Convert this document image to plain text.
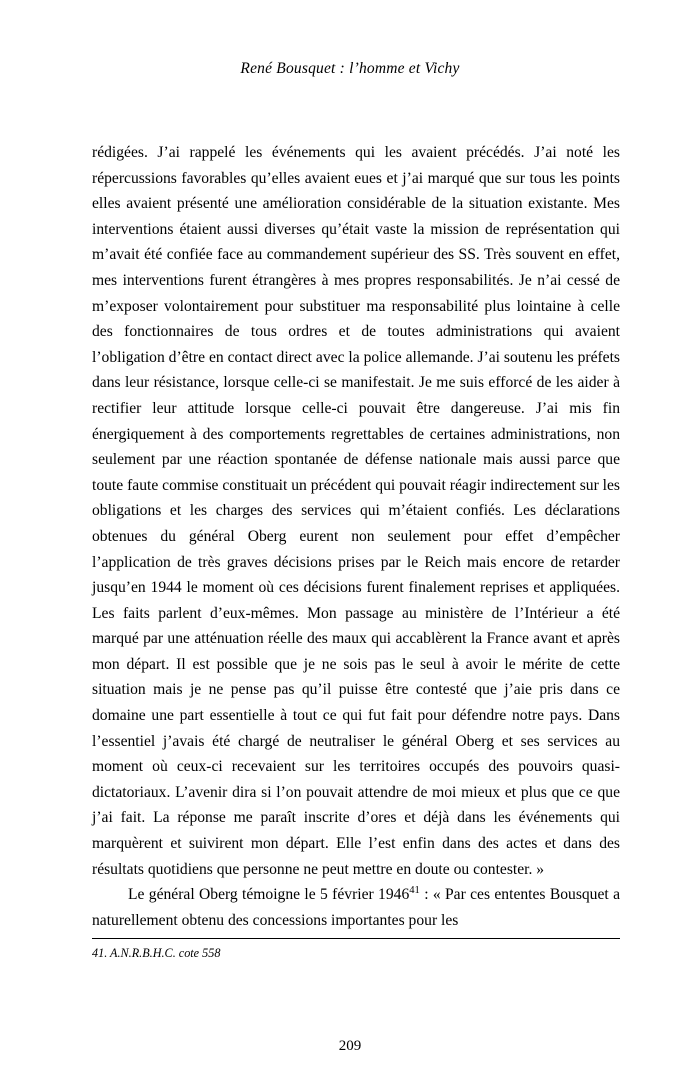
René Bousquet : l’homme et Vichy

rédigées. J’ai rappelé les événements qui les avaient précédés. J’ai noté les répercussions favorables qu’elles avaient eues et j’ai marqué que sur tous les points elles avaient présenté une amélioration considérable de la situation existante. Mes interventions étaient aussi diverses qu’était vaste la mission de représentation qui m’avait été confiée face au commandement supérieur des SS. Très souvent en effet, mes interventions furent étrangères à mes propres responsabilités. Je n’ai cessé de m’exposer volontairement pour substituer ma responsabilité plus lointaine à celle des fonctionnaires de tous ordres et de toutes administrations qui avaient l’obligation d’être en contact direct avec la police allemande. J’ai soutenu les préfets dans leur résistance, lorsque celle-ci se manifestait. Je me suis efforcé de les aider à rectifier leur attitude lorsque celle-ci pouvait être dangereuse. J’ai mis fin énergiquement à des comportements regrettables de certaines administrations, non seulement par une réaction spontanée de défense nationale mais aussi parce que toute faute commise constituait un précédent qui pouvait réagir indirectement sur les obligations et les charges des services qui m’étaient confiés. Les déclarations obtenues du général Oberg eurent non seulement pour effet d’empêcher l’application de très graves décisions prises par le Reich mais encore de retarder jusqu’en 1944 le moment où ces décisions furent finalement reprises et appliquées. Les faits parlent d’eux-mêmes. Mon passage au ministère de l’Intérieur a été marqué par une atténuation réelle des maux qui accablèrent la France avant et après mon départ. Il est possible que je ne sois pas le seul à avoir le mérite de cette situation mais je ne pense pas qu’il puisse être contesté que j’aie pris dans ce domaine une part essentielle à tout ce qui fut fait pour défendre notre pays. Dans l’essentiel j’avais été chargé de neutraliser le général Oberg et ses services au moment où ceux-ci recevaient sur les territoires occupés des pouvoirs quasi-dictatoriaux. L’avenir dira si l’on pouvait attendre de moi mieux et plus que ce que j’ai fait. La réponse me paraît inscrite d’ores et déjà dans les événements qui marquèrent et suivirent mon départ. Elle l’est enfin dans des actes et dans des résultats quotidiens que personne ne peut mettre en doute ou contester. »

Le général Oberg témoigne le 5 février 1946$^{41}$ : « Par ces ententes Bousquet a naturellement obtenu des concessions importantes pour les

41. A.N.R.B.H.C. cote 558
209
